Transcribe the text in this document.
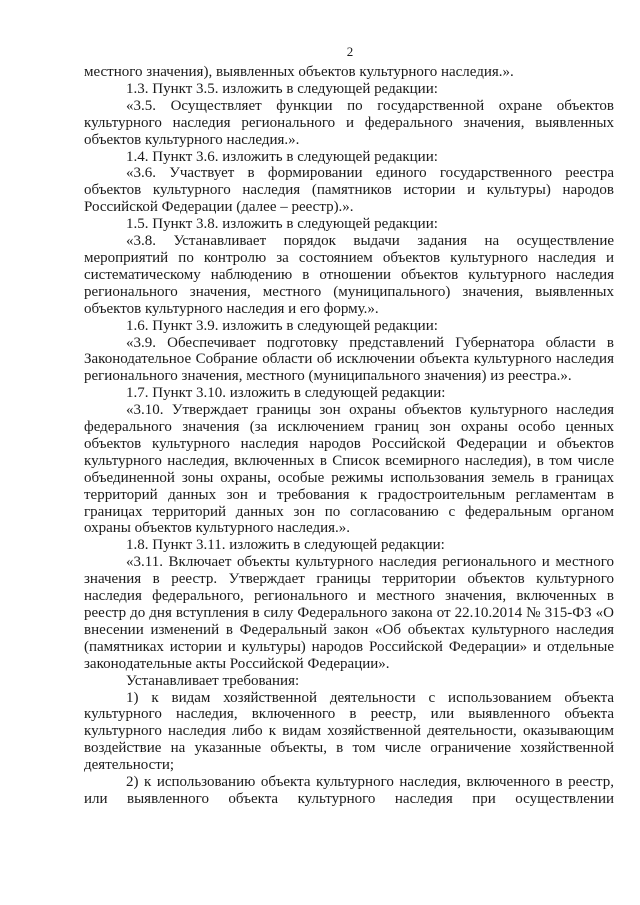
2

местного значения), выявленных объектов культурного наследия.».

1.3. Пункт 3.5. изложить в следующей редакции:

«3.5. Осуществляет функции по государственной охране объектов культурного наследия регионального и федерального значения, выявленных объектов культурного наследия.».

1.4. Пункт 3.6. изложить в следующей редакции:

«3.6. Участвует в формировании единого государственного реестра объектов культурного наследия (памятников истории и культуры) народов Российской Федерации (далее – реестр).».

1.5. Пункт 3.8. изложить в следующей редакции:

«3.8. Устанавливает порядок выдачи задания на осуществление мероприятий по контролю за состоянием объектов культурного наследия и систематическому наблюдению в отношении объектов культурного наследия регионального значения, местного (муниципального) значения, выявленных объектов культурного наследия и его форму.».

1.6. Пункт 3.9. изложить в следующей редакции:

«3.9. Обеспечивает подготовку представлений Губернатора области в Законодательное Собрание области об исключении объекта культурного наследия регионального значения, местного (муниципального значения) из реестра.».

1.7. Пункт 3.10. изложить в следующей редакции:

«3.10. Утверждает границы зон охраны объектов культурного наследия федерального значения (за исключением границ зон охраны особо ценных объектов культурного наследия народов Российской Федерации и объектов культурного наследия, включенных в Список всемирного наследия), в том числе объединенной зоны охраны, особые режимы использования земель в границах территорий данных зон и требования к градостроительным регламентам в границах территорий данных зон по согласованию с федеральным органом охраны объектов культурного наследия.».

1.8. Пункт 3.11. изложить в следующей редакции:

«3.11. Включает объекты культурного наследия регионального и местного значения в реестр. Утверждает границы территории объектов культурного наследия федерального, регионального и местного значения, включенных в реестр до дня вступления в силу Федерального закона от 22.10.2014 № 315-ФЗ «О внесении изменений в Федеральный закон «Об объектах культурного наследия (памятниках истории и культуры) народов Российской Федерации» и отдельные законодательные акты Российской Федерации».

Устанавливает требования:

1) к видам хозяйственной деятельности с использованием объекта культурного наследия, включенного в реестр, или выявленного объекта культурного наследия либо к видам хозяйственной деятельности, оказывающим воздействие на указанные объекты, в том числе ограничение хозяйственной деятельности;

2) к использованию объекта культурного наследия, включенного в реестр, или выявленного объекта культурного наследия при осуществлении
